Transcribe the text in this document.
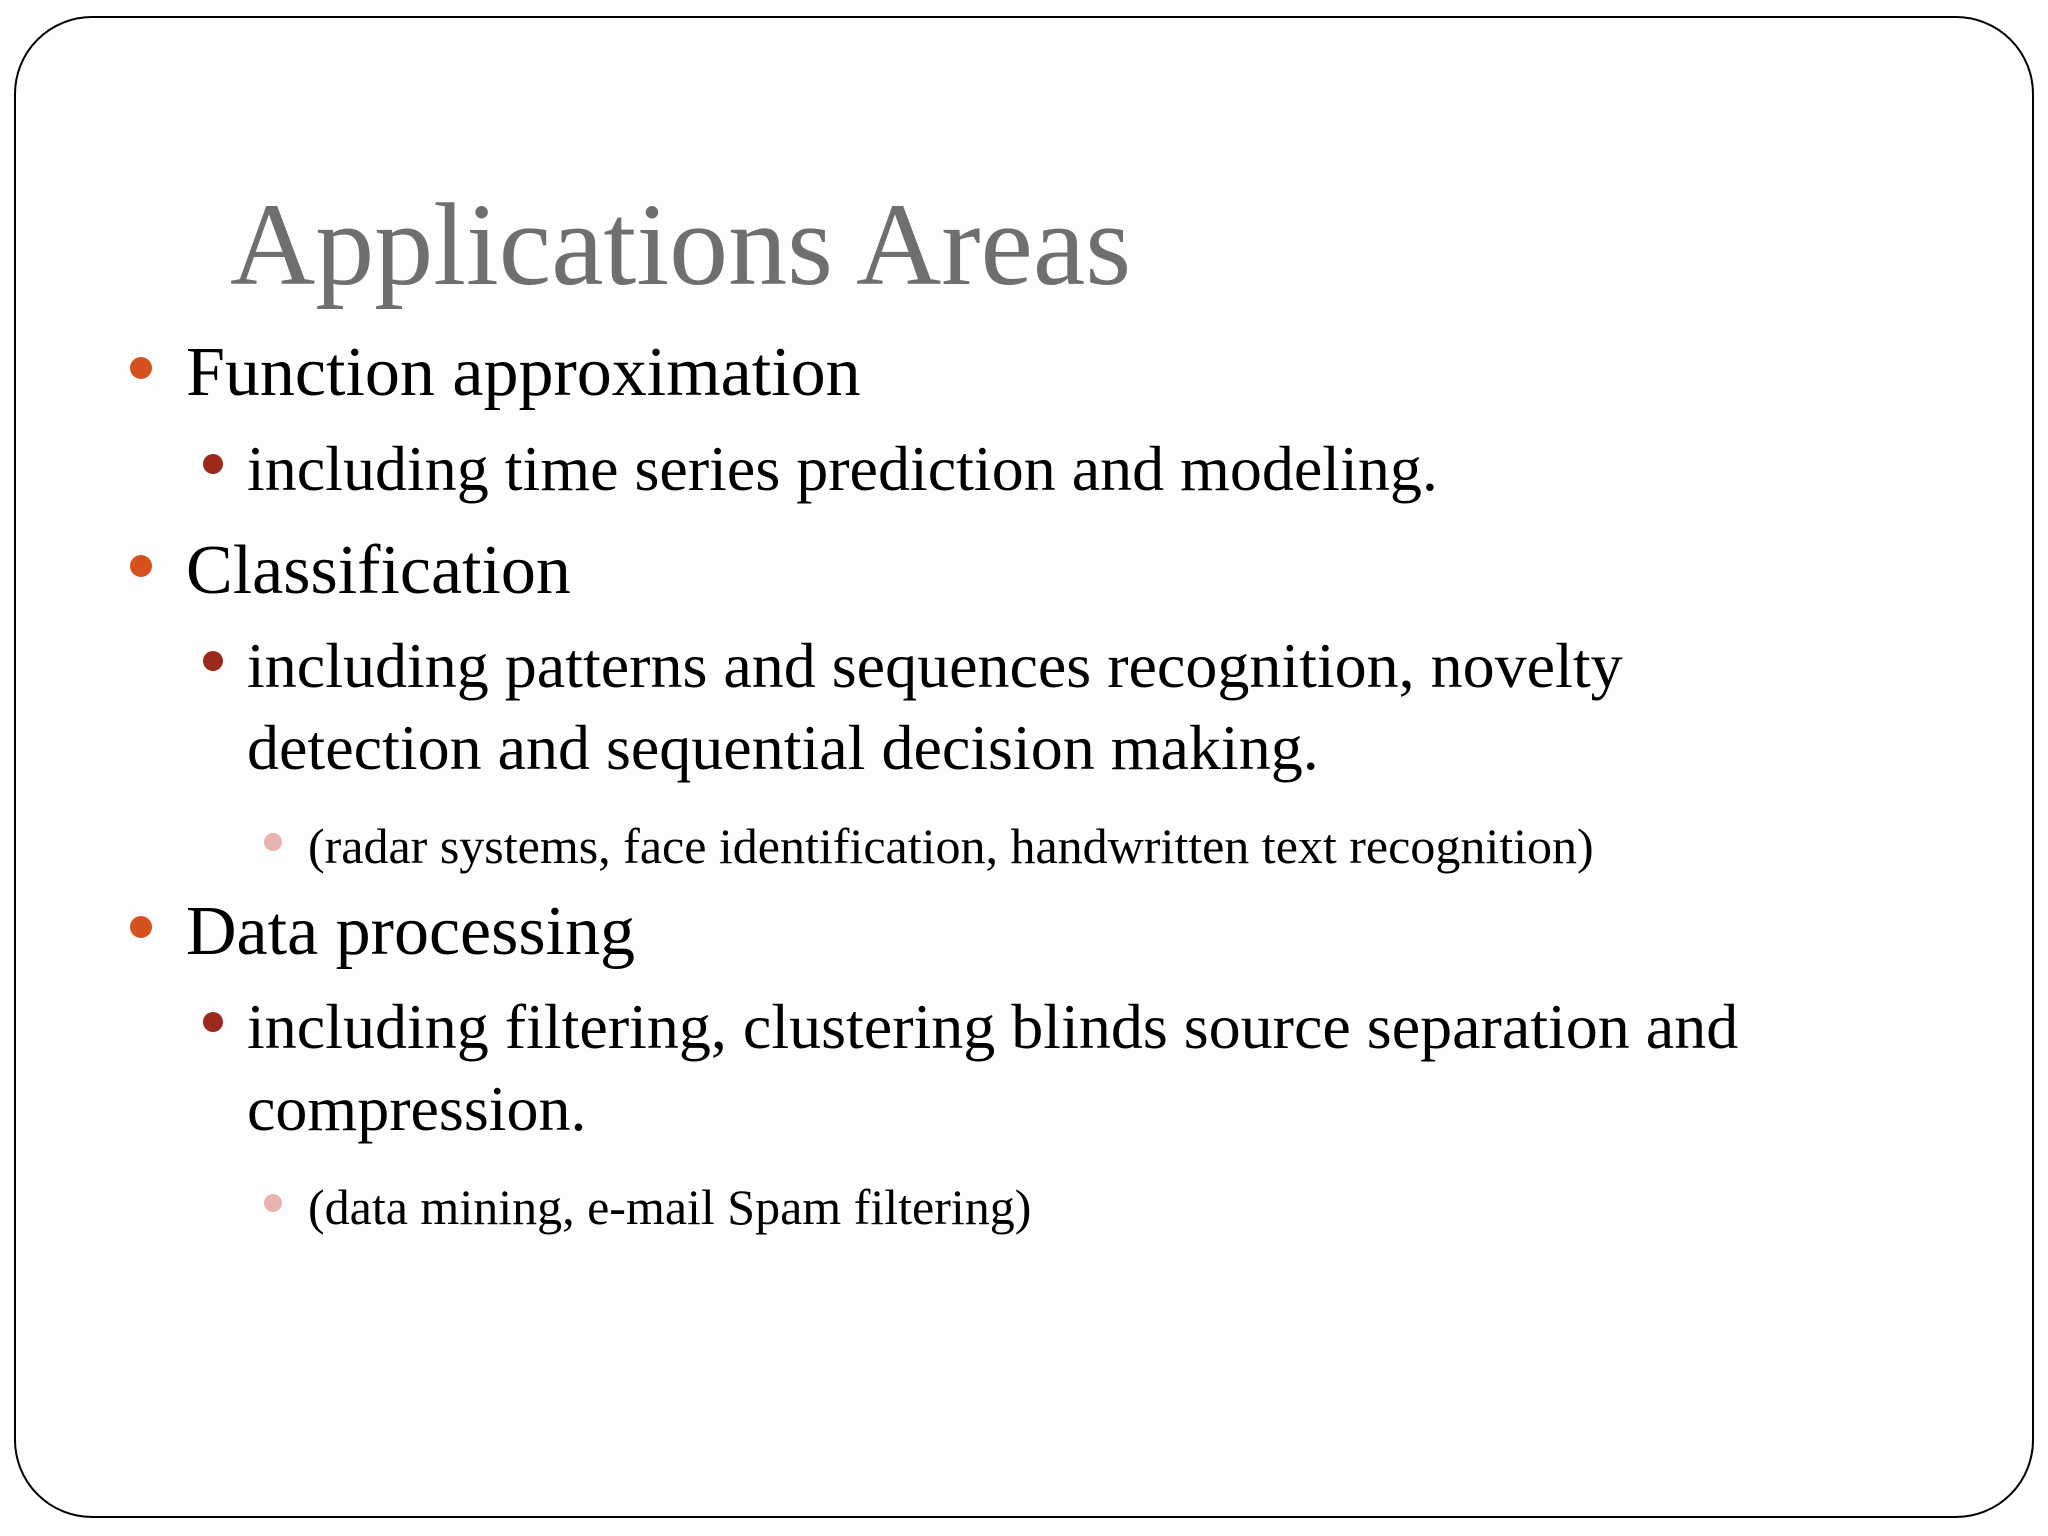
Applications Areas
Function approximation
including time series prediction and modeling.
Classification
including patterns and sequences recognition, novelty
detection and sequential decision making.
(radar systems, face identification, handwritten text recognition)
Data processing
including filtering, clustering blinds source separation and
compression.
(data mining, e-mail Spam filtering)
